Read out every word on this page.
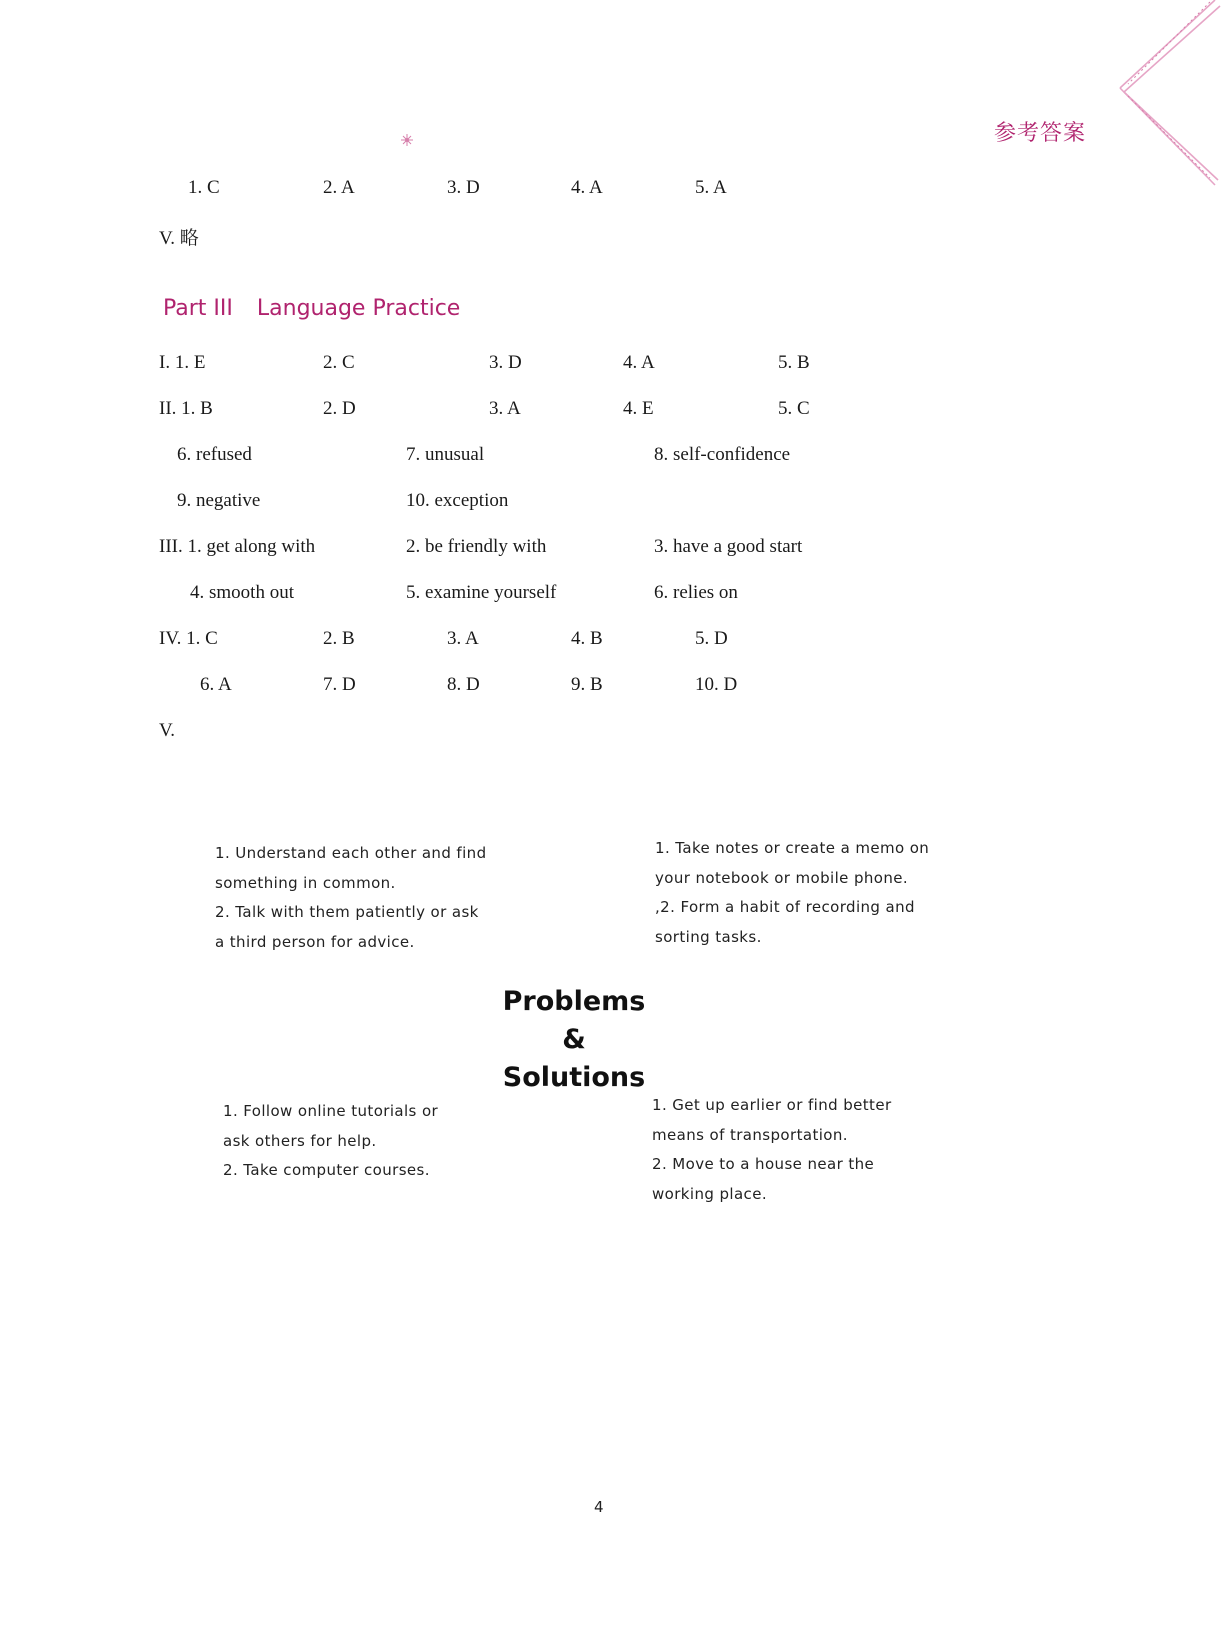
参考答案
1. C	2. A	3. D	4. A	5. A
V. 略
Part III Language Practice
I. 1. E	2. C	3. D	4. A	5. B
II. 1. B	2. D	3. A	4. E	5. C
6. refused	7. unusual	8. self-confidence
9. negative	10. exception
III. 1. get along with	2. be friendly with	3. have a good start
4. smooth out	5. examine yourself	6. relies on
IV. 1. C	2. B	3. A	4. B	5. D
6. A	7. D	8. D	9. B	10. D
V.
1. Understand each other and find
something in common.
2. Talk with them patiently or ask
a third person for advice.
1. Take notes or create a memo on
your notebook or mobile phone.
,2. Form a habit of recording and
sorting tasks.
Problems
&
Solutions
1. Follow online tutorials or
ask others for help.
2. Take computer courses.
1. Get up earlier or find better
means of transportation.
2. Move to a house near the
working place.
4
